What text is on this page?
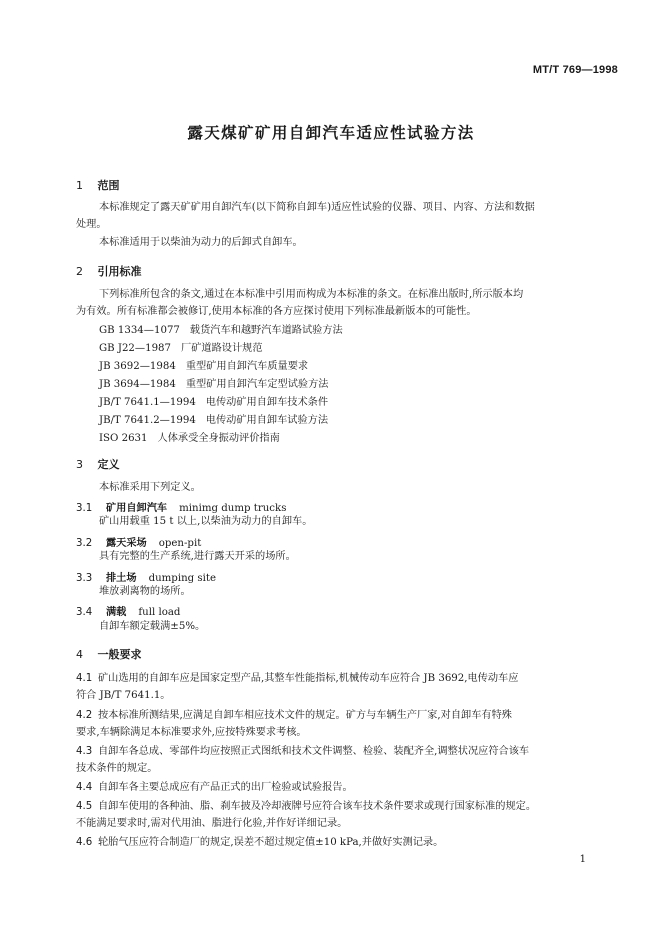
MT/T 769—1998
露天煤矿矿用自卸汽车适应性试验方法
1 范围
本标准规定了露天矿矿用自卸汽车(以下简称自卸车)适应性试验的仪器、项目、内容、方法和数据
处理。
本标准适用于以柴油为动力的后卸式自卸车。
2 引用标准
下列标准所包含的条文,通过在本标准中引用而构成为本标准的条文。在标准出版时,所示版本均
为有效。所有标准都会被修订,使用本标准的各方应探讨使用下列标准最新版本的可能性。
GB 1334—1077 载货汽车和越野汽车道路试验方法
GB J22—1987 厂矿道路设计规范
JB 3692—1984 重型矿用自卸汽车质量要求
JB 3694—1984 重型矿用自卸汽车定型试验方法
JB/T 7641.1—1994 电传动矿用自卸车技术条件
JB/T 7641.2—1994 电传动矿用自卸车试验方法
ISO 2631 人体承受全身振动评价指南
3 定义
本标准采用下列定义。
3.1 矿用自卸汽车 minimg dump trucks
矿山用载重 15 t 以上,以柴油为动力的自卸车。
3.2 露天采场 open-pit
具有完整的生产系统,进行露天开采的场所。
3.3 排土场 dumping site
堆放剥离物的场所。
3.4 满载 full load
自卸车额定载满±5%。
4 一般要求
4.1 矿山选用的自卸车应是国家定型产品,其整车性能指标,机械传动车应符合 JB 3692,电传动车应
符合 JB/T 7641.1。
4.2 按本标准所测结果,应满足自卸车相应技术文件的规定。矿方与车辆生产厂家,对自卸车有特殊
要求,车辆除满足本标准要求外,应按特殊要求考核。
4.3 自卸车各总成、零部件均应按照正式图纸和技术文件调整、检验、装配齐全,调整状况应符合该车
技术条件的规定。
4.4 自卸车各主要总成应有产品正式的出厂检验或试验报告。
4.5 自卸车使用的各种油、脂、刹车披及冷却液牌号应符合该车技术条件要求或现行国家标准的规定。
不能满足要求时,需对代用油、脂进行化验,并作好详细记录。
4.6 轮胎气压应符合制造厂的规定,误差不超过规定值±10 kPa,并做好实测记录。
1
